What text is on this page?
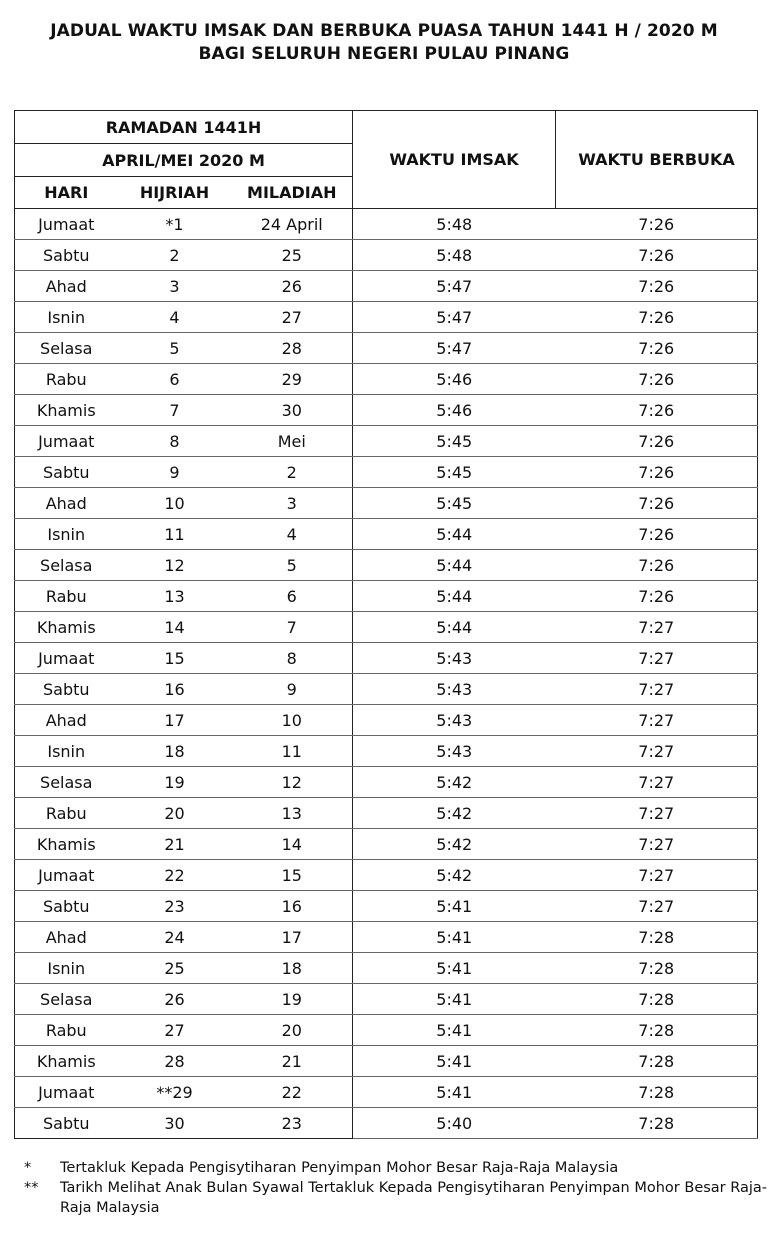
JADUAL WAKTU IMSAK DAN BERBUKA PUASA TAHUN 1441 H / 2020 M
BAGI SELURUH NEGERI PULAU PINANG
RAMADAN 1441H			WAKTU IMSAK	WAKTU BERBUKA
APRIL/MEI 2020 M				
HARI	HIJRIAH	MILADIAH		
Jumaat	*1	24 April	5:48	7:26
Sabtu	2	25	5:48	7:26
Ahad	3	26	5:47	7:26
Isnin	4	27	5:47	7:26
Selasa	5	28	5:47	7:26
Rabu	6	29	5:46	7:26
Khamis	7	30	5:46	7:26
Jumaat	8	Mei	5:45	7:26
Sabtu	9	2	5:45	7:26
Ahad	10	3	5:45	7:26
Isnin	11	4	5:44	7:26
Selasa	12	5	5:44	7:26
Rabu	13	6	5:44	7:26
Khamis	14	7	5:44	7:27
Jumaat	15	8	5:43	7:27
Sabtu	16	9	5:43	7:27
Ahad	17	10	5:43	7:27
Isnin	18	11	5:43	7:27
Selasa	19	12	5:42	7:27
Rabu	20	13	5:42	7:27
Khamis	21	14	5:42	7:27
Jumaat	22	15	5:42	7:27
Sabtu	23	16	5:41	7:27
Ahad	24	17	5:41	7:28
Isnin	25	18	5:41	7:28
Selasa	26	19	5:41	7:28
Rabu	27	20	5:41	7:28
Khamis	28	21	5:41	7:28
Jumaat	**29	22	5:41	7:28
Sabtu	30	23	5:40	7:28
* Tertakluk Kepada Pengisytiharan Penyimpan Mohor Besar Raja-Raja Malaysia
** Tarikh Melihat Anak Bulan Syawal Tertakluk Kepada Pengisytiharan Penyimpan Mohor Besar Raja-Raja Malaysia
